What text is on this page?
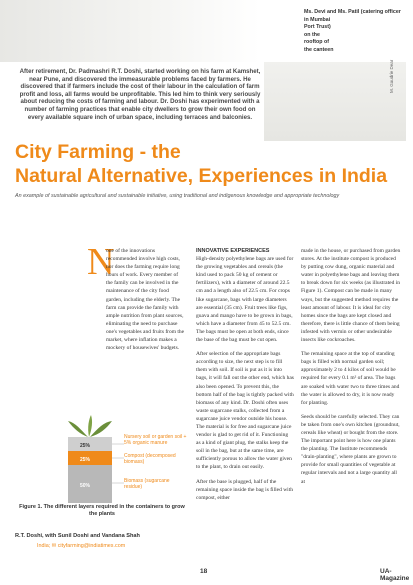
Ms. Devi and Ms. Patil (catering officer
in Mumbai
Port Trust)
on the
rooftop of
the canteen
M. Gaudrie Dear
After retirement, Dr. Padmashri R.T. Doshi, started working on his farm at Kamshet, near Pune, and discovered the immeasurable problems faced by farmers. He discovered that if farmers include the cost of their labour in the calculation of farm profit and loss, all farms would be unprofitable. This led him to think very seriously about reducing the costs of farming and labour. Dr. Doshi has experimented with a number of farming practices that enable city dwellers to grow their own food on every available square inch of urban space, including terraces and balconies.
City Farming - the
Natural Alternative, Experiences in India
An example of sustainable agricultural and sustainable initiative, using traditional and indigenous knowledge and appropriate technology
N
one of the innovations recommended involve high costs, nor does the farming require long hours of work. Every member of the family can be involved in the maintenance of the city food garden, including the elderly. The farm can provide the family with ample nutrition from plant sources, eliminating the need to purchase one's vegetables and fruits from the market, where inflation makes a mockery of housewives' budgets.
25%
25%
50%
Nursery soil or garden soil + 5% organic manure
Compost (decomposed biomass)
Biomass (sugarcane residue)
Figure 1. The different layers required in the containers to grow the plants
R.T. Doshi, with Sunil Doshi and Vandana Shah
India; ✉ cityfarming@indiatimes.com
INNOVATIVE EXPERIENCES

High-density polyethylene bags are used for the growing vegetables and cereals (the kind used to pack 50 kg of cement or fertilizers), with a diameter of around 22.5 cm and a length also of 22.5 cm. For crops like sugarcane, bags with large diameters are essential (35 cm). Fruit trees like figs, guava and mango have to be grown in bags, which have a diameter from 45 to 52.5 cm. The bags must be open at both ends, since the base of the bag must be cut open.

After selection of the appropriate bags according to size, the next step is to fill them with soil. If soil is put as it is into bags, it will fall out the other end, which has also been opened. To prevent this, the bottom half of the bag is tightly packed with biomass of any kind. Dr. Doshi often uses waste sugarcane stalks, collected from a sugarcane juice vendor outside his house. The material is for free and sugarcane juice vendor is glad to get rid of it. Functioning as a kind of giant plug, the stalks keep the soil in the bag, but at the same time, are sufficiently porous to allow the water given to the plant, to drain out easily.

After the base is plugged, half of the remaining space inside the bag is filled with compost, either

made in the house, or purchased from garden stores. At the institute compost is produced by putting cow dung, organic material and water in polyethylene bags and leaving them to break down for six weeks (as illustrated in Figure 1). Compost can be made in many ways, but the suggested method requires the least amount of labour. It is ideal for city homes since the bags are kept closed and therefore, there is little chance of them being infested with vermin or other undesirable insects like cockroaches.

The remaining space at the top of standing bags is filled with normal garden soil; approximately 2 to 4 kilos of soil would be required for every 0.1 m² of area. The bags are soaked with water two to three times and the water is allowed to dry, it is now ready for planting.

Seeds should be carefully selected. They can be taken from one's own kitchen (groundnut, cereals like wheat) or bought from the store. The important point here is how one plants the planting. The Institute recommends "drain-planting", where plants are grown to provide for small quantities of vegetable at regular intervals and not a large quantity all at

18	UA-Magazine
